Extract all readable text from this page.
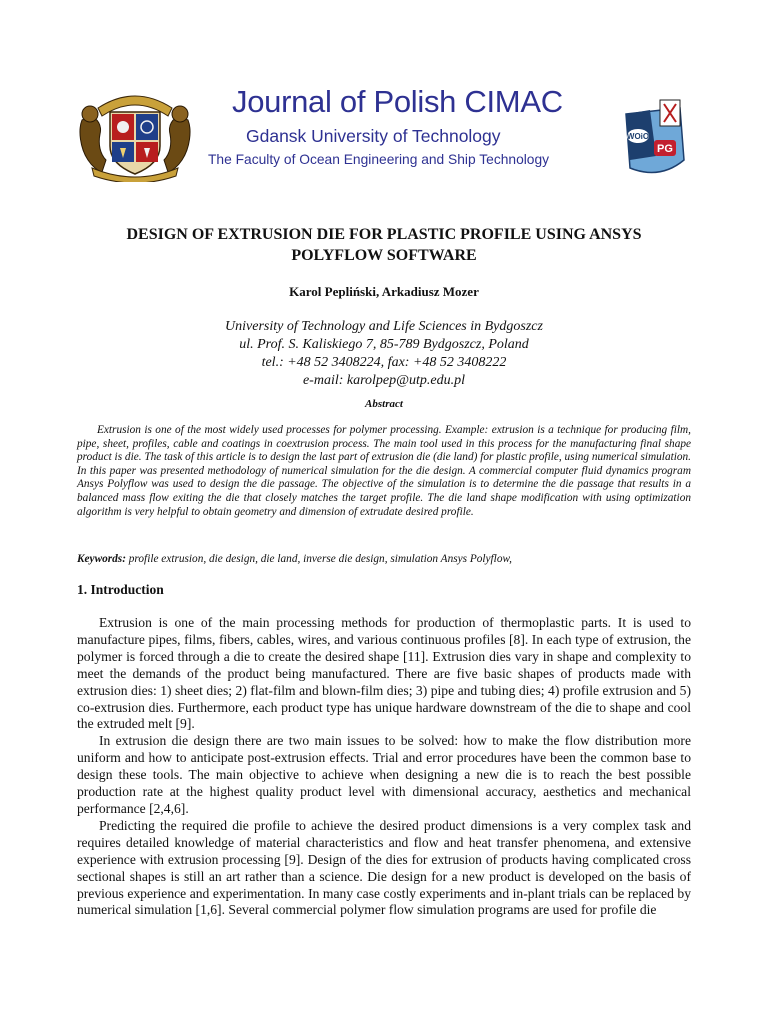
Journal of Polish CIMAC
Gdansk University of Technology
The Faculty of Ocean Engineering and Ship Technology
WOiO
PG
DESIGN OF EXTRUSION DIE FOR PLASTIC PROFILE USING ANSYS
POLYFLOW SOFTWARE
Karol Pepliński, Arkadiusz Mozer
University of Technology and Life Sciences in Bydgoszcz
ul. Prof. S. Kaliskiego 7, 85-789 Bydgoszcz, Poland
tel.: +48 52 3408224, fax: +48 52 3408222
e-mail: karolpep@utp.edu.pl
Abstract

Extrusion is one of the most widely used processes for polymer processing. Example: extrusion is a technique for producing film, pipe, sheet, profiles, cable and coatings in coextrusion process. The main tool used in this process for the manufacturing final shape product is die. The task of this article is to design the last part of extrusion die (die land) for plastic profile, using numerical simulation. In this paper was presented methodology of numerical simulation for the die design. A commercial computer fluid dynamics program Ansys Polyflow was used to design the die passage. The objective of the simulation is to determine the die passage that results in a balanced mass flow exiting the die that closely matches the target profile. The die land shape modification with using optimization algorithm is very helpful to obtain geometry and dimension of extrudate desired profile.

Keywords: profile extrusion, die design, die land, inverse die design, simulation Ansys Polyflow,

1. Introduction

Extrusion is one of the main processing methods for production of thermoplastic parts. It is used to manufacture pipes, films, fibers, cables, wires, and various continuous profiles [8]. In each type of extrusion, the polymer is forced through a die to create the desired shape [11]. Extrusion dies vary in shape and complexity to meet the demands of the product being manufactured. There are five basic shapes of products made with extrusion dies: 1) sheet dies; 2) flat-film and blown-film dies; 3) pipe and tubing dies; 4) profile extrusion and 5) co-extrusion dies. Furthermore, each product type has unique hardware downstream of the die to shape and cool the extruded melt [9].

In extrusion die design there are two main issues to be solved: how to make the flow distribution more uniform and how to anticipate post-extrusion effects. Trial and error procedures have been the common base to design these tools. The main objective to achieve when designing a new die is to reach the best possible production rate at the highest quality product level with dimensional accuracy, aesthetics and mechanical performance [2,4,6].

Predicting the required die profile to achieve the desired product dimensions is a very complex task and requires detailed knowledge of material characteristics and flow and heat transfer phenomena, and extensive experience with extrusion processing [9]. Design of the dies for extrusion of products having complicated cross sectional shapes is still an art rather than a science. Die design for a new product is developed on the basis of previous experience and experimentation. In many case costly experiments and in-plant trials can be replaced by numerical simulation [1,6]. Several commercial polymer flow simulation programs are used for profile die
